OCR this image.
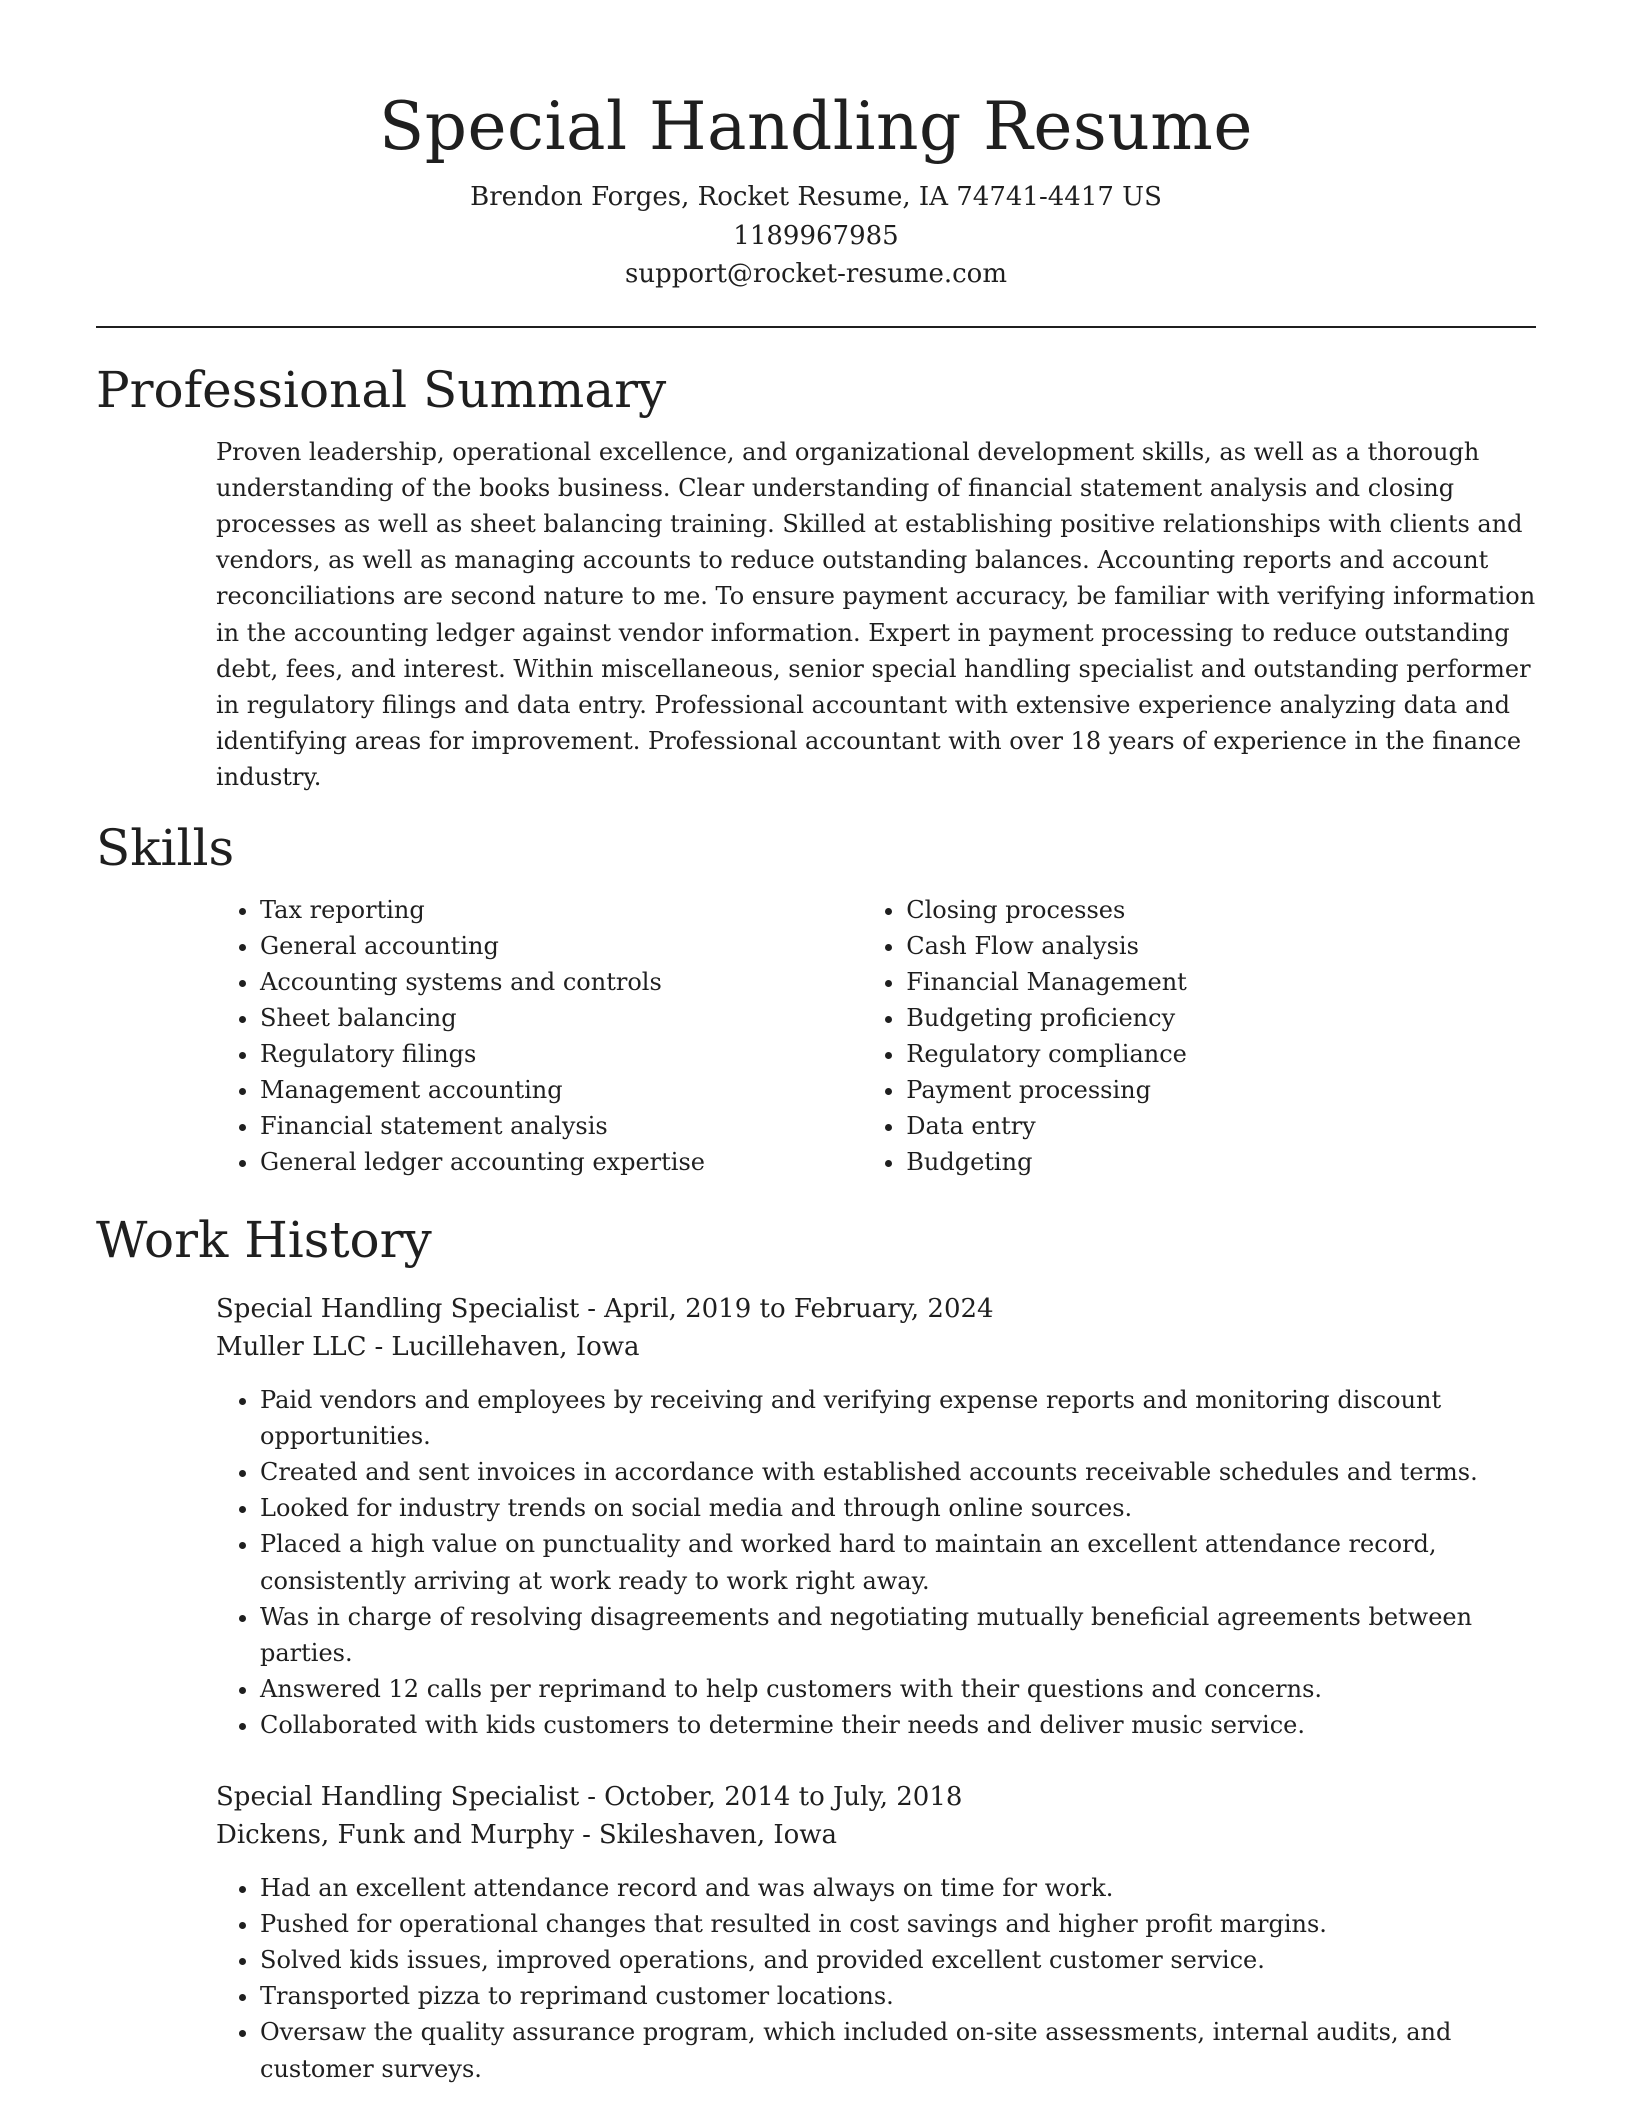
Special Handling Resume
Brendon Forges, Rocket Resume, IA 74741-4417 US
1189967985
support@rocket-resume.com
Professional Summary
Proven leadership, operational excellence, and organizational development skills, as well as a thorough understanding of the books business. Clear understanding of financial statement analysis and closing processes as well as sheet balancing training. Skilled at establishing positive relationships with clients and vendors, as well as managing accounts to reduce outstanding balances. Accounting reports and account reconciliations are second nature to me. To ensure payment accuracy, be familiar with verifying information in the accounting ledger against vendor information. Expert in payment processing to reduce outstanding debt, fees, and interest. Within miscellaneous, senior special handling specialist and outstanding performer in regulatory filings and data entry. Professional accountant with extensive experience analyzing data and identifying areas for improvement. Professional accountant with over 18 years of experience in the finance industry.
Skills
• Tax reporting
• General accounting
• Accounting systems and controls
• Sheet balancing
• Regulatory filings
• Management accounting
• Financial statement analysis
• General ledger accounting expertise
• Closing processes
• Cash Flow analysis
• Financial Management
• Budgeting proficiency
• Regulatory compliance
• Payment processing
• Data entry
• Budgeting
Work History
Special Handling Specialist - April, 2019 to February, 2024
Muller LLC - Lucillehaven, Iowa
• Paid vendors and employees by receiving and verifying expense reports and monitoring discount opportunities.
• Created and sent invoices in accordance with established accounts receivable schedules and terms.
• Looked for industry trends on social media and through online sources.
• Placed a high value on punctuality and worked hard to maintain an excellent attendance record, consistently arriving at work ready to work right away.
• Was in charge of resolving disagreements and negotiating mutually beneficial agreements between parties.
• Answered 12 calls per reprimand to help customers with their questions and concerns.
• Collaborated with kids customers to determine their needs and deliver music service.
Special Handling Specialist - October, 2014 to July, 2018
Dickens, Funk and Murphy - Skileshaven, Iowa
• Had an excellent attendance record and was always on time for work.
• Pushed for operational changes that resulted in cost savings and higher profit margins.
• Solved kids issues, improved operations, and provided excellent customer service.
• Transported pizza to reprimand customer locations.
• Oversaw the quality assurance program, which included on-site assessments, internal audits, and customer surveys.
